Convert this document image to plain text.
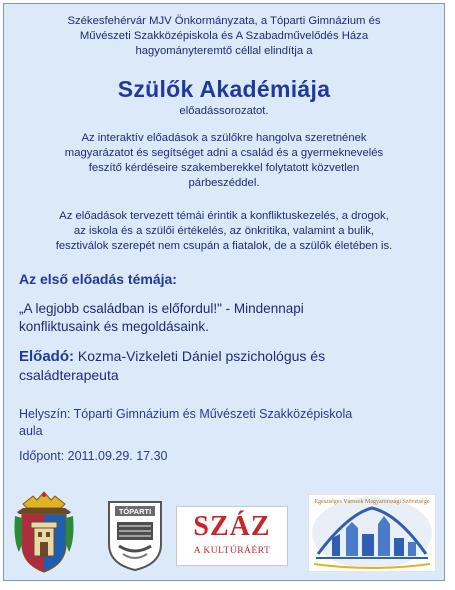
Székesfehérvár MJV Önkormányzata, a Tóparti Gimnázium és
Művészeti Szakközépiskola és A Szabadművelődés Háza
hagyományteremtő céllal elindítja a
Szülők Akadémiája
előadássorozatot.
Az interaktív előadások a szülőkre hangolva szeretnének
magyarázatot és segítséget adni a család és a gyermeknevelés
feszítő kérdéseire szakemberekkel folytatott közvetlen
párbeszéddel.
Az előadások tervezett témái érintik a konfliktuskezelés, a drogok,
az iskola és a szülői értékelés, az önkritika, valamint a bulik,
fesztiválok szerepét nem csupán a fiatalok, de a szülők életében is.
Az első előadás témája:
„A legjobb családban is előfordul!" - Mindennapi
konfliktusaink és megoldásaink.
Előadó: Kozma-Vizkeleti Dániel pszichológus és
családterapeuta
Helyszín: Tóparti Gimnázium és Művészeti Szakközépiskola
aula
Időpont: 2011.09.29. 17.30
TÓPARTI	SZÁZ
A KULTÚRÁÉRT
Egészséges Városok Magyarországi Szövetsége
